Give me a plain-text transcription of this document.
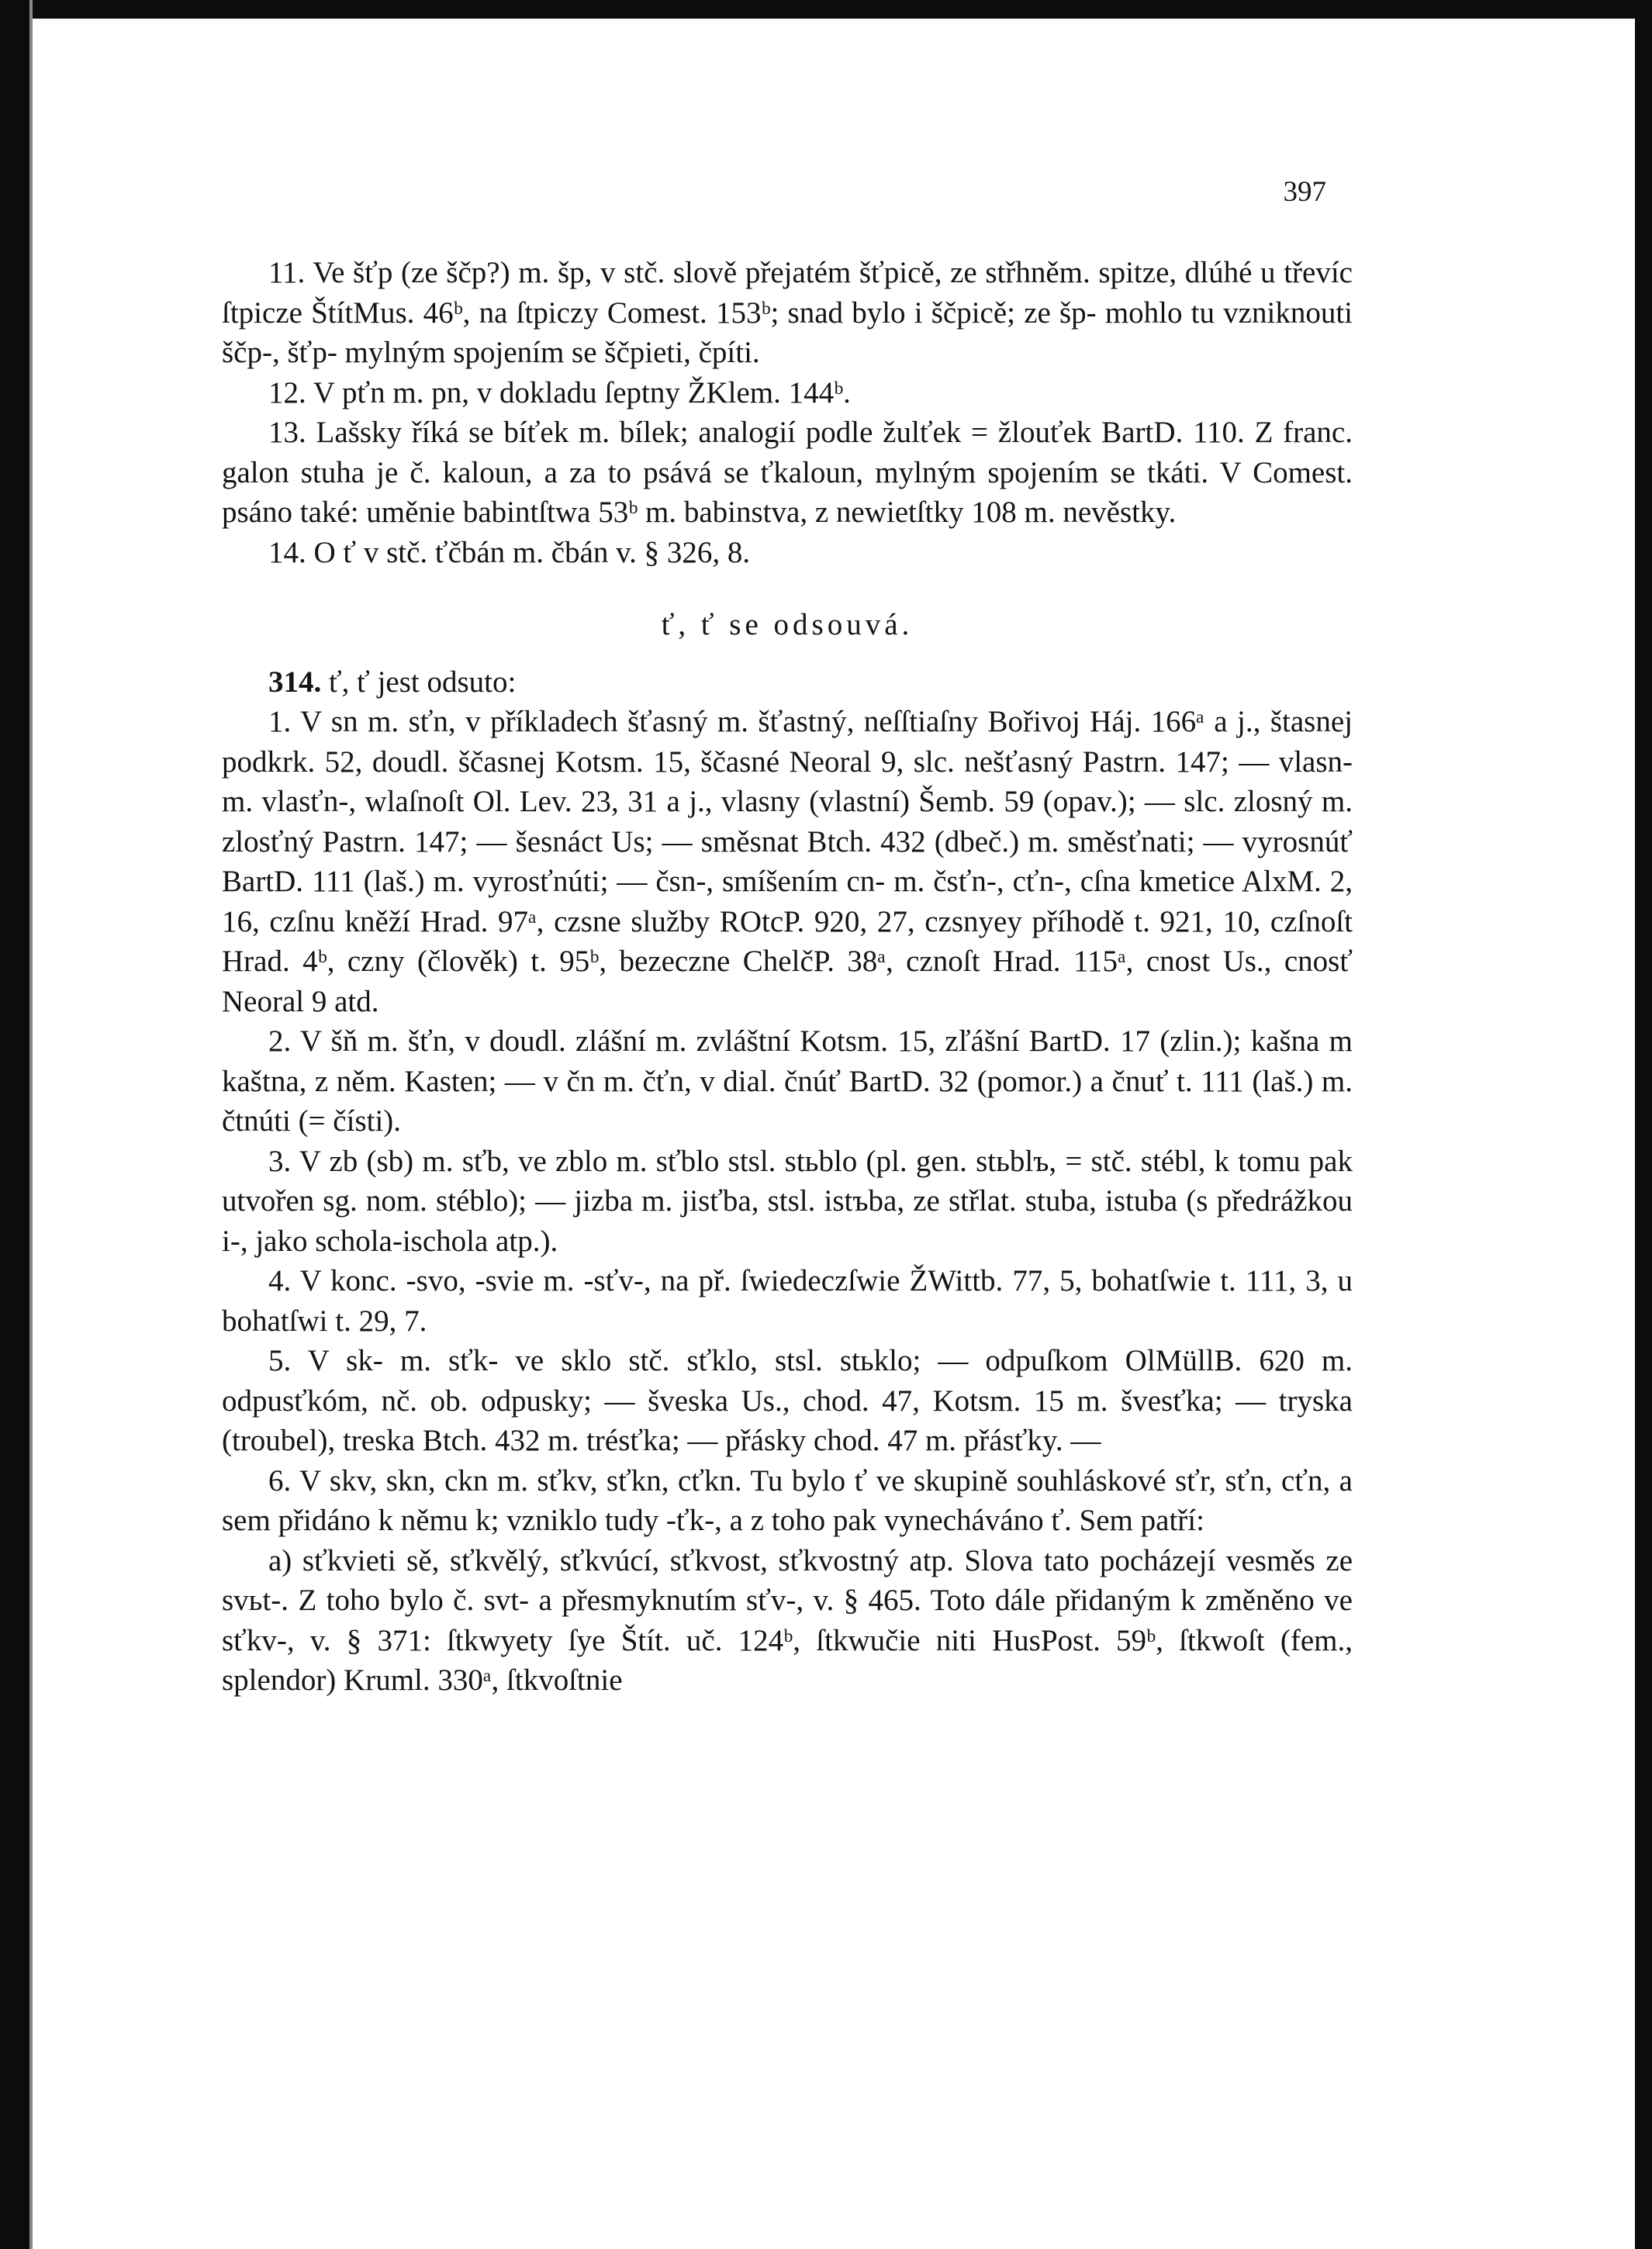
397

11. Ve šťp (ze ščp?) m. šp, v stč. slově přejatém šťpicě, ze střhněm. spitze, dlúhé u třevíc ſtpicze ŠtítMus. 46ᵇ, na ſtpiczy Comest. 153ᵇ; snad bylo i ščpicě; ze šp- mohlo tu vzniknouti ščp-, šťp- mylným spojením se ščpieti, čpíti.

12. V pťn m. pn, v dokladu ſeptny ŽKlem. 144ᵇ.

13. Lašsky říká se bíťek m. bílek; analogií podle žulťek = žlouťek BartD. 110. Z franc. galon stuha je č. kaloun, a za to psává se ťkaloun, mylným spojením se tkáti. V Comest. psáno také: uměnie babintſtwa 53ᵇ m. babinstva, z newietſtky 108 m. nevěstky.

14. O ť v stč. ťčbán m. čbán v. § 326, 8.

ť, ť se odsouvá.

314. ť, ť jest odsuto:

1. V sn m. sťn, v příkladech šťasný m. šťastný, neſſtiaſny Bořivoj Háj. 166ᵃ a j., štasnej podkrk. 52, doudl. ščasnej Kotsm. 15, ščasné Neoral 9, slc. nešťasný Pastrn. 147; — vlasn- m. vlasťn-, wlaſnoſt Ol. Lev. 23, 31 a j., vlasny (vlastní) Šemb. 59 (opav.); — slc. zlosný m. zlosťný Pastrn. 147; — šesnáct Us; — směsnat Btch. 432 (dbeč.) m. směsťnati; — vyrosnúť BartD. 111 (laš.) m. vyrosťnúti; — čsn-, smíšením cn- m. čsťn-, cťn-, cſna kmetice AlxM. 2, 16, czſnu kněží Hrad. 97ᵃ, czsne služby ROtcP. 920, 27, czsnyey příhodě t. 921, 10, czſnoſt Hrad. 4ᵇ, czny (člověk) t. 95ᵇ, bezeczne ChelčP. 38ᵃ, cznoſt Hrad. 115ᵃ, cnost Us., cnosť Neoral 9 atd.

2. V šň m. šťn, v doudl. zlášní m. zvláštní Kotsm. 15, zľášní BartD. 17 (zlin.); kašna m kaštna, z něm. Kasten; — v čn m. čťn, v dial. čnúť BartD. 32 (pomor.) a čnuť t. 111 (laš.) m. čtnúti (= čísti).

3. V zb (sb) m. sťb, ve zblo m. sťblo stsl. stьblo (pl. gen. stьblъ, = stč. stébl, k tomu pak utvořen sg. nom. stéblo); — jizba m. jisťba, stsl. istъba, ze střlat. stuba, istuba (s předrážkou i-, jako schola-ischola atp.).

4. V konc. -svo, -svie m. -sťv-, na př. ſwiedeczſwie ŽWittb. 77, 5, bohatſwie t. 111, 3, u bohatſwi t. 29, 7.

5. V sk- m. sťk- ve sklo stč. sťklo, stsl. stьklo; — odpuſkom OlMüllB. 620 m. odpusťkóm, nč. ob. odpusky; — šveska Us., chod. 47, Kotsm. 15 m. švesťka; — tryska (troubel), treska Btch. 432 m. trésťka; — přásky chod. 47 m. přásťky. —

6. V skv, skn, ckn m. sťkv, sťkn, cťkn. Tu bylo ť ve skupině souhláskové sťr, sťn, cťn, a sem přidáno k němu k; vzniklo tudy -ťk-, a z toho pak vynecháváno ť. Sem patří:

a) sťkvieti sě, sťkvělý, sťkvúcí, sťkvost, sťkvostný atp. Slova tato pocházejí vesměs ze svьt-. Z toho bylo č. svt- a přesmyknutím sťv-, v. § 465. Toto dále přidaným k změněno ve sťkv-, v. § 371: ſtkwyety ſye Štít. uč. 124ᵇ, ſtkwučie niti HusPost. 59ᵇ, ſtkwoſt (fem., splendor) Kruml. 330ᵃ, ſtkvoſtnie
